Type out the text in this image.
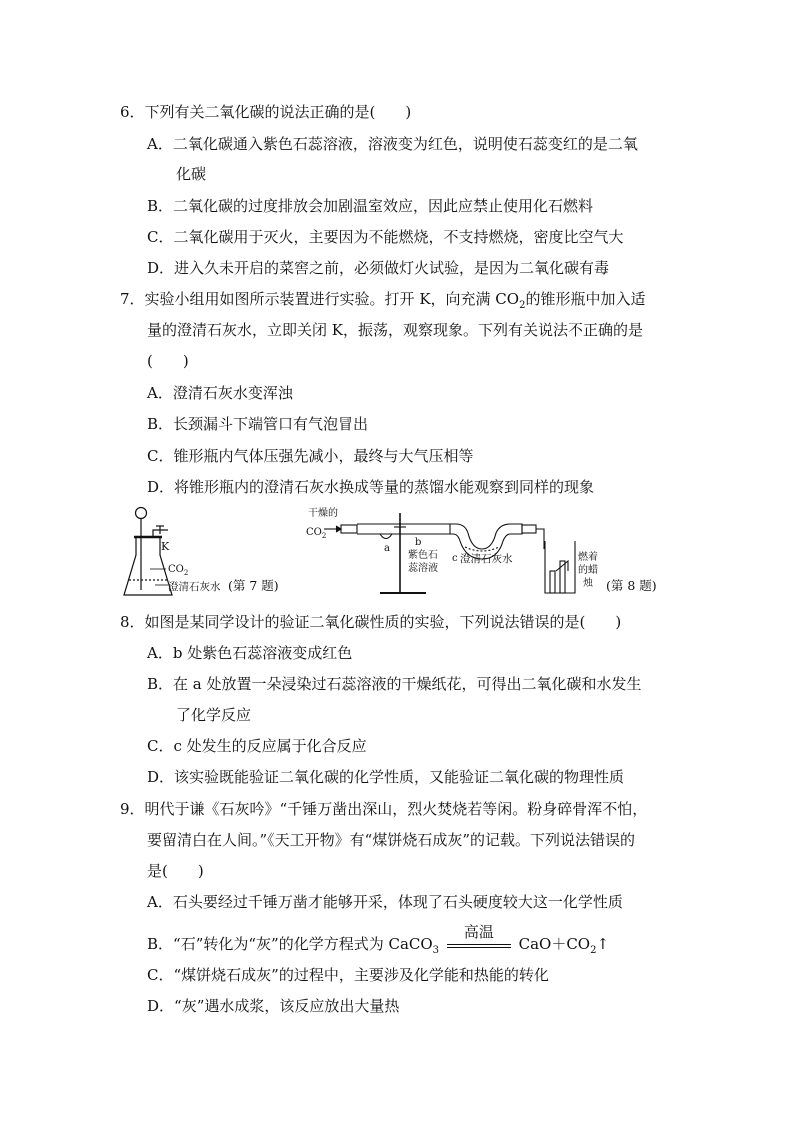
6．下列有关二氧化碳的说法正确的是(　　)
A．二氧化碳通入紫色石蕊溶液，溶液变为红色，说明使石蕊变红的是二氧
化碳
B．二氧化碳的过度排放会加剧温室效应，因此应禁止使用化石燃料
C．二氧化碳用于灭火，主要因为不能燃烧，不支持燃烧，密度比空气大
D．进入久未开启的菜窖之前，必须做灯火试验，是因为二氧化碳有毒
7．实验小组用如图所示装置进行实验。打开 K，向充满 $CO_2$的锥形瓶中加入适
量的澄清石灰水，立即关闭 K，振荡，观察现象。下列有关说法不正确的是
(　　)
A．澄清石灰水变浑浊
B．长颈漏斗下端管口有气泡冒出
C．锥形瓶内气体压强先减小，最终与大气压相等
D．将锥形瓶内的澄清石灰水换成等量的蒸馏水能观察到同样的现象
K
$CO_2$
澄清石灰水 (第 7 题)
干燥的
$CO_2$
a
b
紫色石
蕊溶液
c 澄清石灰水	燃着
的蜡
烛 (第 8 题)
8．如图是某同学设计的验证二氧化碳性质的实验，下列说法错误的是(　　)
A．b 处紫色石蕊溶液变成红色
B．在 a 处放置一朵浸染过石蕊溶液的干燥纸花，可得出二氧化碳和水发生
了化学反应
C．c 处发生的反应属于化合反应
D．该实验既能验证二氧化碳的化学性质，又能验证二氧化碳的物理性质
9．明代于谦《石灰吟》“千锤万凿出深山，烈火焚烧若等闲。粉身碎骨浑不怕，
要留清白在人间。”《天工开物》有“煤饼烧石成灰”的记载。下列说法错误的
是(　　)
A．石头要经过千锤万凿才能够开采，体现了石头硬度较大这一化学性质
B．“石”转化为“灰”的化学方程式为 CaCO$_3$
高温
$CaO+CO_2↑$
C．“煤饼烧石成灰”的过程中，主要涉及化学能和热能的转化
D．“灰”遇水成浆，该反应放出大量热
